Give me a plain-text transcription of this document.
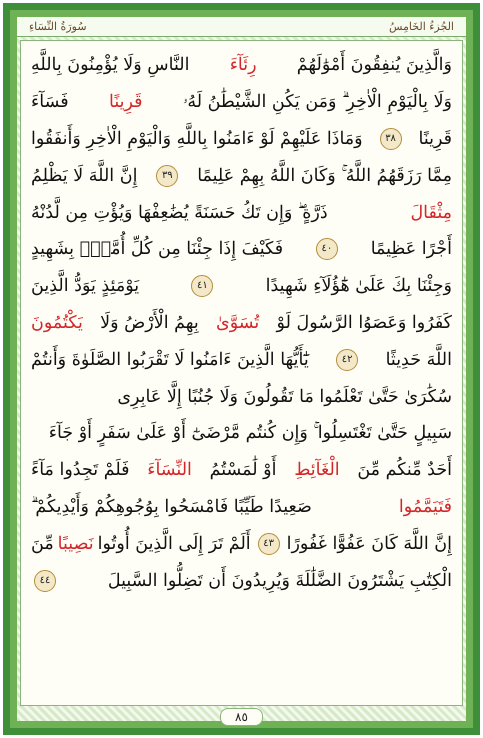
الجُزءُ الخَامِسُ
سُورَةُ النِّسَاءِ
وَالَّذِينَ يُنفِقُونَ أَمْوَٰلَهُمْ
رِئَآءَ
النَّاسِ وَلَا يُؤْمِنُونَ بِاللَّهِ
وَلَا بِالْيَوْمِ الْاٰخِرِ ۗ وَمَن يَكُنِ الشَّيْطَٰنُ لَهُۥ
قَرِينًا
فَسَآءَ
قَرِينًا
٣٨
وَمَاذَا عَلَيْهِمْ لَوْ ءَامَنُوا بِاللَّهِ وَالْيَوْمِ الْاٰخِرِ وَأَنفَقُوا
مِمَّا رَزَقَهُمُ اللَّهُ ۚ وَكَانَ اللَّهُ بِهِمْ عَلِيمًا
٣٩
إِنَّ اللَّهَ لَا يَظْلِمُ
مِثْقَالَ
ذَرَّةٍ ۖ وَإِن تَكُ حَسَنَةً يُضَٰعِفْهَا وَيُؤْتِ مِن لَّدُنْهُ
أَجْرًا عَظِيمًا
٤٠
فَكَيْفَ إِذَا جِئْنَا مِن كُلِّ أُمَّةٍۭ بِشَهِيدٍ
وَجِئْنَا بِكَ عَلَىٰ هَٰٓؤُلَآءِ شَهِيدًا
٤١
يَوْمَئِذٍ يَوَدُّ الَّذِينَ
كَفَرُوا وَعَصَوُا الرَّسُولَ لَوْ
تُسَوَّىٰ
بِهِمُ الْأَرْضُ وَلَا
يَكْتُمُونَ
اللَّهَ حَدِيثًا
٤٢
يَٰٓأَيُّهَا الَّذِينَ ءَامَنُوا لَا تَقْرَبُوا الصَّلَوٰةَ وَأَنتُمْ
سُكَٰرَىٰ حَتَّىٰ تَعْلَمُوا مَا تَقُولُونَ وَلَا جُنُبًا إِلَّا عَابِرِى
سَبِيلٍ حَتَّىٰ تَغْتَسِلُوا ۚ وَإِن كُنتُم مَّرْضَىٰٓ أَوْ عَلَىٰ سَفَرٍ أَوْ جَآءَ
أَحَدٌ مِّنكُم مِّنَ
الْغَآئِطِ
أَوْ لَٰمَسْتُمُ
النِّسَآءَ
فَلَمْ تَجِدُوا مَآءً
فَتَيَمَّمُوا
صَعِيدًا طَيِّبًا فَامْسَحُوا بِوُجُوهِكُمْ وَأَيْدِيكُمْ ۗ
إِنَّ اللَّهَ كَانَ عَفُوًّا غَفُورًا
٤٣
أَلَمْ تَرَ إِلَى الَّذِينَ أُوتُوا
نَصِيبًا
مِّنَ
الْكِتَٰبِ يَشْتَرُونَ الضَّلَٰلَةَ وَيُرِيدُونَ أَن تَضِلُّوا السَّبِيلَ
٤٤
٨٥
